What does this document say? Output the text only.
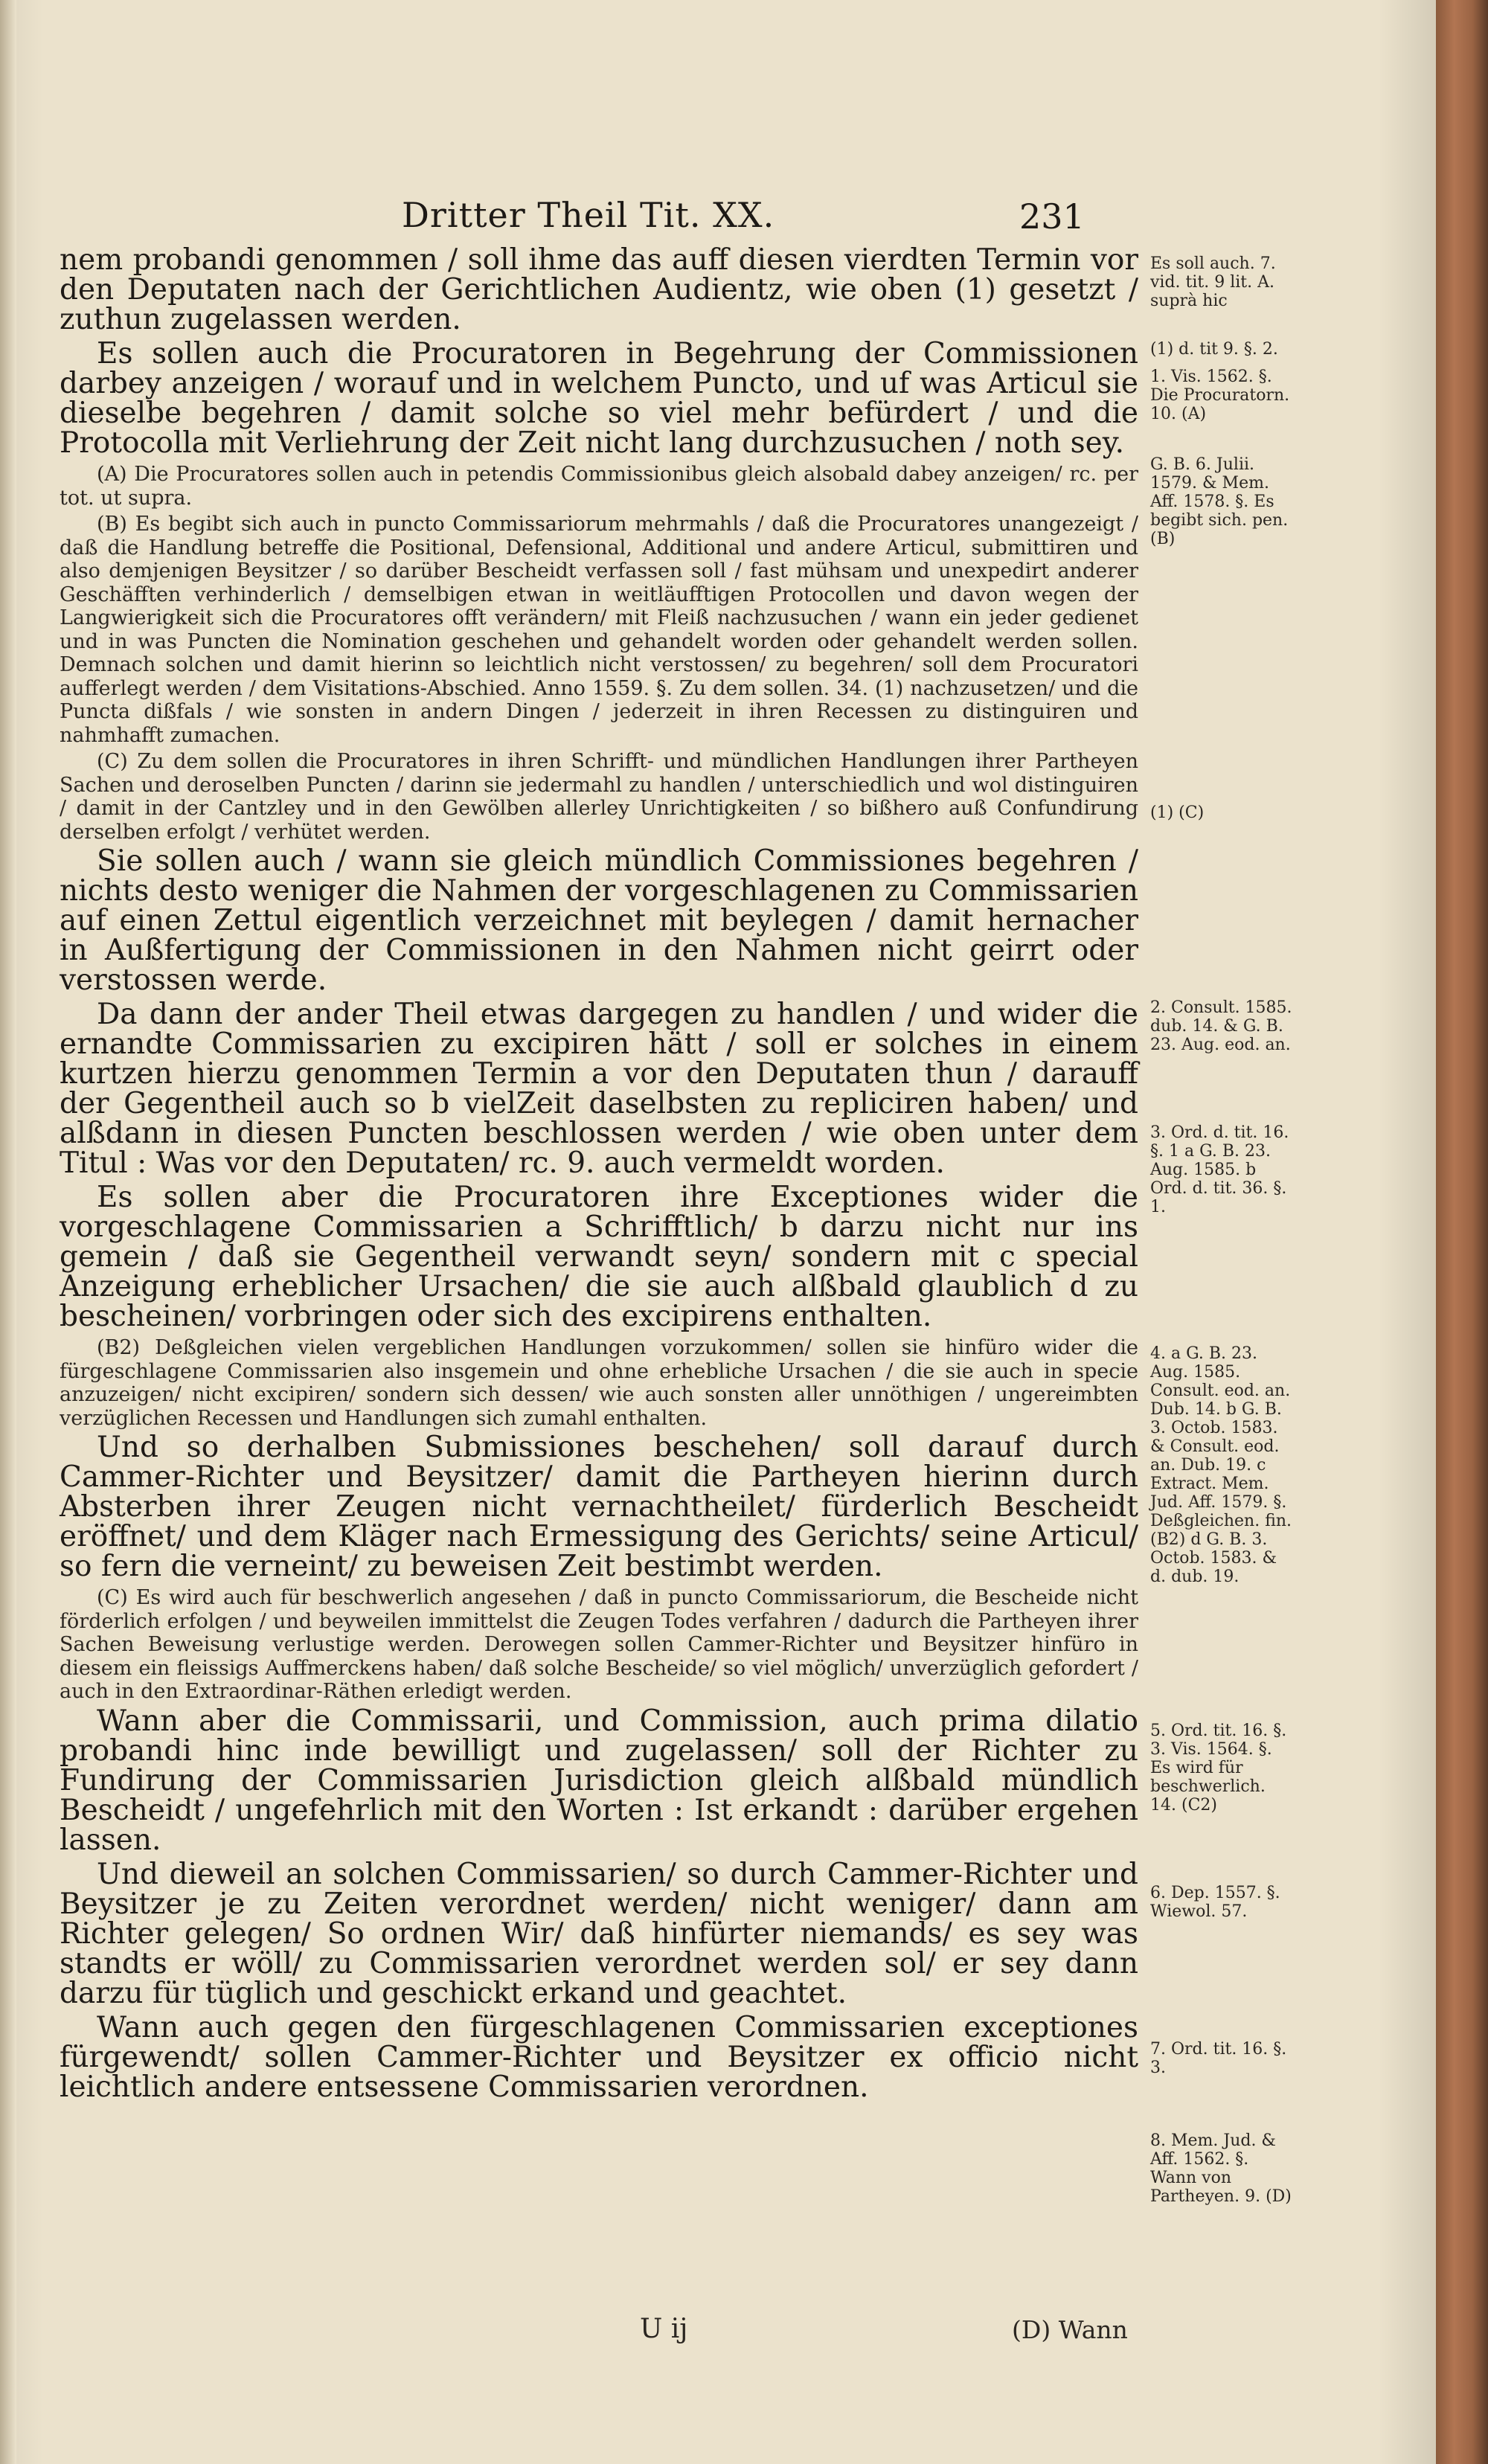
Dritter Theil Tit. XX.	231

nem probandi genommen / soll ihme das auff diesen vierdten Termin vor den Deputaten nach der Gerichtlichen Audientz, wie oben (1) gesetzt / zuthun zugelassen werden.

Es sollen auch die Procuratoren in Begehrung der Commissionen darbey anzeigen / worauf und in welchem Puncto, und uf was Articul sie dieselbe begehren / damit solche so viel mehr befürdert / und die Protocolla mit Verliehrung der Zeit nicht lang durchzusuchen / noth sey.

(A) Die Procuratores sollen auch in petendis Commissionibus gleich alsobald dabey anzeigen/ rc. per tot. ut supra.

(B) Es begibt sich auch in puncto Commissariorum mehrmahls / daß die Procuratores unangezeigt / daß die Handlung betreffe die Positional, Defensional, Additional und andere Articul, submittiren und also demjenigen Beysitzer / so darüber Bescheidt verfassen soll / fast mühsam und unexpedirt anderer Geschäfften verhinderlich / demselbigen etwan in weitläufftigen Protocollen und davon wegen der Langwierigkeit sich die Procuratores offt verändern/ mit Fleiß nachzusuchen / wann ein jeder gedienet und in was Puncten die Nomination geschehen und gehandelt worden oder gehandelt werden sollen. Demnach solchen und damit hierinn so leichtlich nicht verstossen/ zu begehren/ soll dem Procuratori aufferlegt werden / dem Visitations-Abschied. Anno 1559. §. Zu dem sollen. 34. (1) nachzusetzen/ und die Puncta dißfals / wie sonsten in andern Dingen / jederzeit in ihren Recessen zu distinguiren und nahmhafft zumachen.

(C) Zu dem sollen die Procuratores in ihren Schrifft- und mündlichen Handlungen ihrer Partheyen Sachen und deroselben Puncten / darinn sie jedermahl zu handlen / unterschiedlich und wol distinguiren / damit in der Cantzley und in den Gewölben allerley Unrichtigkeiten / so bißhero auß Confundirung derselben erfolgt / verhütet werden.

Sie sollen auch / wann sie gleich mündlich Commissiones begehren / nichts desto weniger die Nahmen der vorgeschlagenen zu Commissarien auf einen Zettul eigentlich verzeichnet mit beylegen / damit hernacher in Außfertigung der Commissionen in den Nahmen nicht geirrt oder verstossen werde.

Da dann der ander Theil etwas dargegen zu handlen / und wider die ernandte Commissarien zu excipiren hätt / soll er solches in einem kurtzen hierzu genommen Termin a vor den Deputaten thun / darauff der Gegentheil auch so b vielZeit daselbsten zu repliciren haben/ und alßdann in diesen Puncten beschlossen werden / wie oben unter dem Titul : Was vor den Deputaten/ rc. 9. auch vermeldt worden.

Es sollen aber die Procuratoren ihre Exceptiones wider die vorgeschlagene Commissarien a Schrifftlich/ b darzu nicht nur ins gemein / daß sie Gegentheil verwandt seyn/ sondern mit c special Anzeigung erheblicher Ursachen/ die sie auch alßbald glaublich d zu bescheinen/ vorbringen oder sich des excipirens enthalten.

(B2) Deßgleichen vielen vergeblichen Handlungen vorzukommen/ sollen sie hinfüro wider die fürgeschlagene Commissarien also insgemein und ohne erhebliche Ursachen / die sie auch in specie anzuzeigen/ nicht excipiren/ sondern sich dessen/ wie auch sonsten aller unnöthigen / ungereimbten verzüglichen Recessen und Handlungen sich zumahl enthalten.

Und so derhalben Submissiones beschehen/ soll darauf durch Cammer-Richter und Beysitzer/ damit die Partheyen hierinn durch Absterben ihrer Zeugen nicht vernachtheilet/ fürderlich Bescheidt eröffnet/ und dem Kläger nach Ermessigung des Gerichts/ seine Articul/ so fern die verneint/ zu beweisen Zeit bestimbt werden.

(C) Es wird auch für beschwerlich angesehen / daß in puncto Commissariorum, die Bescheide nicht förderlich erfolgen / und beyweilen immittelst die Zeugen Todes verfahren / dadurch die Partheyen ihrer Sachen Beweisung verlustige werden. Derowegen sollen Cammer-Richter und Beysitzer hinfüro in diesem ein fleissigs Auffmerckens haben/ daß solche Bescheide/ so viel möglich/ unverzüglich gefordert / auch in den Extraordinar-Räthen erledigt werden.

Wann aber die Commissarii, und Commission, auch prima dilatio probandi hinc inde bewilligt und zugelassen/ soll der Richter zu Fundirung der Commissarien Jurisdiction gleich alßbald mündlich Bescheidt / ungefehrlich mit den Worten : Ist erkandt : darüber ergehen lassen.

Und dieweil an solchen Commissarien/ so durch Cammer-Richter und Beysitzer je zu Zeiten verordnet werden/ nicht weniger/ dann am Richter gelegen/ So ordnen Wir/ daß hinfürter niemands/ es sey was standts er wöll/ zu Commissarien verordnet werden sol/ er sey dann darzu für tüglich und geschickt erkand und geachtet.

Wann auch gegen den fürgeschlagenen Commissarien exceptiones fürgewendt/ sollen Cammer-Richter und Beysitzer ex officio nicht leichtlich andere entsessene Commissarien verordnen.

Es soll auch. 7. vid. tit. 9 lit. A. suprà hic
(1) d. tit 9. §. 2.
1. Vis. 1562. §. Die Procuratorn. 10. (A)
G. B. 6. Julii. 1579. & Mem. Aff. 1578. §. Es begibt sich. pen. (B)
(1) (C)
2. Consult. 1585. dub. 14. & G. B. 23. Aug. eod. an.
3. Ord. d. tit. 16. §. 1 a G. B. 23. Aug. 1585. b Ord. d. tit. 36. §. 1.
4. a G. B. 23. Aug. 1585. Consult. eod. an. Dub. 14. b G. B. 3. Octob. 1583. & Consult. eod. an. Dub. 19. c Extract. Mem. Jud. Aff. 1579. §. Deßgleichen. fin. (B2) d G. B. 3. Octob. 1583. & d. dub. 19.
5. Ord. tit. 16. §. 3. Vis. 1564. §. Es wird für beschwerlich. 14. (C2)
6. Dep. 1557. §. Wiewol. 57.
7. Ord. tit. 16. §. 3.
8. Mem. Jud. & Aff. 1562. §. Wann von Partheyen. 9. (D)
U ij	(D) Wann
